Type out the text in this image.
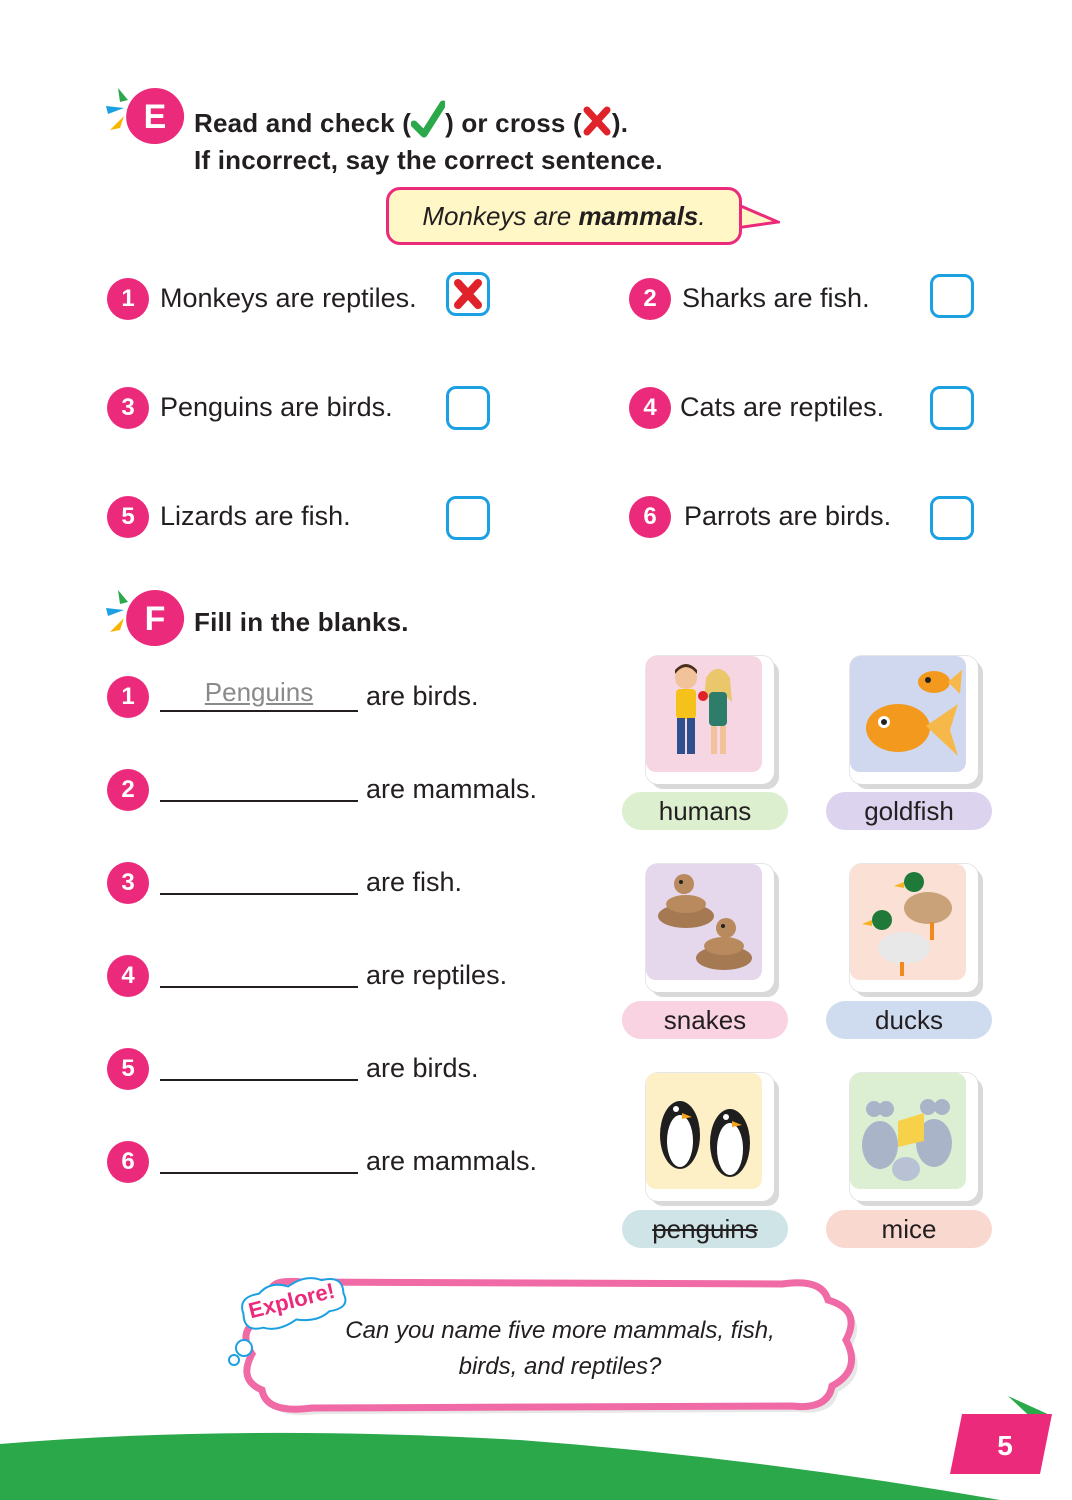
E	Read and check ( ) or cross ( ).
If incorrect, say the correct sentence.
Monkeys are mammals.
1 Monkeys are reptiles.	2 Sharks are fish.
3 Penguins are birds.	4 Cats are reptiles.
5 Lizards are fish.	6	Parrots are birds.
F	Fill in the blanks.
1	Penguins	are birds.
2	are mammals.
3	are fish.
4	are reptiles.
5	are birds.
6	are mammals.
humans	goldfish
snakes	ducks
penguins	mice
Explore!
Can you name five more mammals, fish,
birds, and reptiles?
5
